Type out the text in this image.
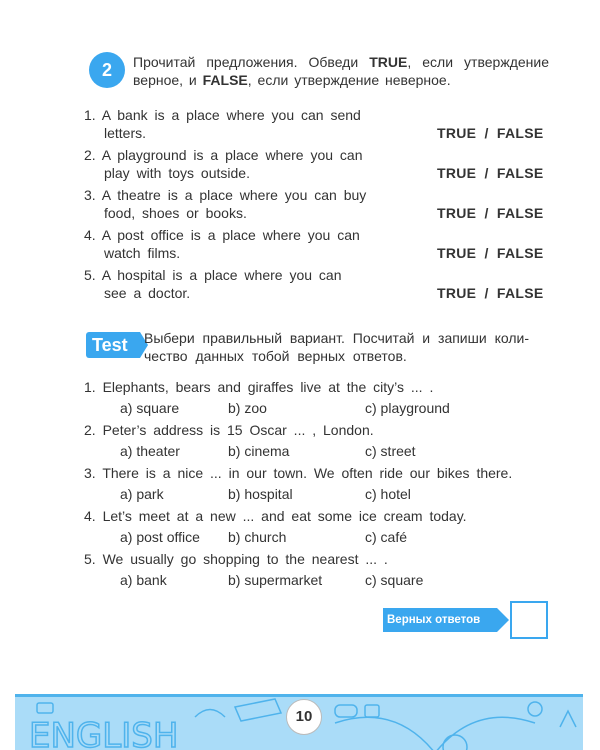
2	Прочитай предложения. Обведи TRUE, если утверждение верное, и FALSE, если утверждение неверное.
1. A bank is a place where you can send
letters.	TRUE / FALSE
2. A playground is a place where you can
play with toys outside.	TRUE / FALSE
3. A theatre is a place where you can buy
food, shoes or books.	TRUE / FALSE
4. A post office is a place where you can
watch films.	TRUE / FALSE
5. A hospital is a place where you can
see a doctor.	TRUE / FALSE
Test	Выбери правильный вариант. Посчитай и запиши коли-
чество данных тобой верных ответов.
1. Elephants, bears and giraffes live at the city’s ... .
a) square	b) zoo	c) playground
2. Peter’s address is 15 Oscar ... , London.
a) theater	b) cinema	c) street
3. There is a nice ... in our town. We often ride our bikes there.
a) park	b) hospital	c) hotel
4. Let’s meet at a new ... and eat some ice cream today.
a) post office b) church	c) café
5. We usually go shopping to the nearest ... .
a) bank	b) supermarket	c) square
Верных ответов
ENGLISH	10
